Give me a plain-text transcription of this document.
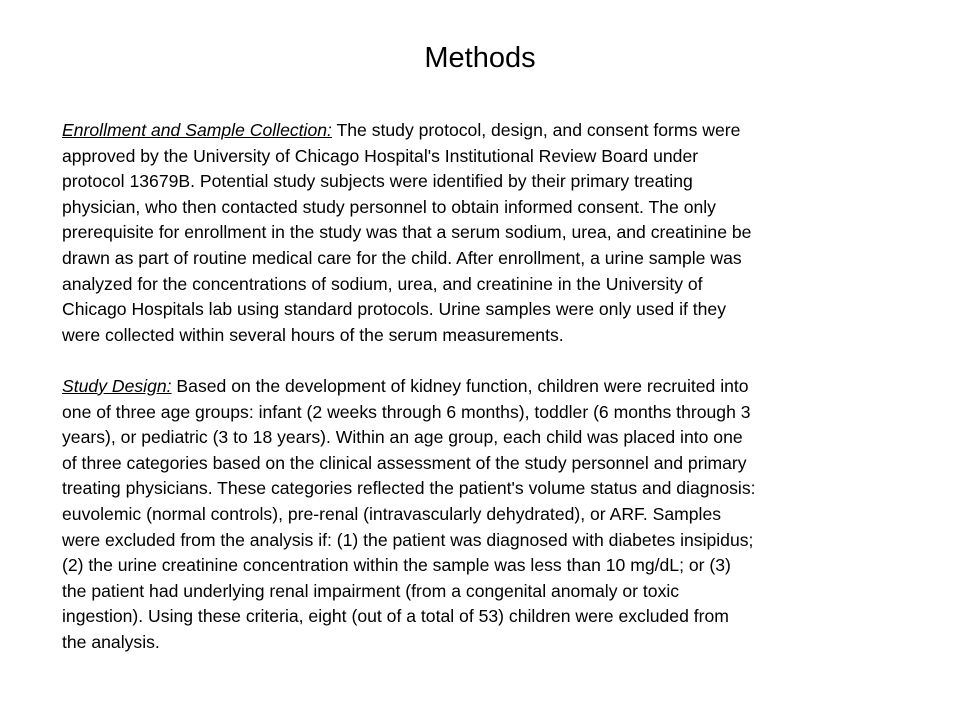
Methods

Enrollment and Sample Collection: The study protocol, design, and consent forms were
approved by the University of Chicago Hospital's Institutional Review Board under
protocol 13679B. Potential study subjects were identified by their primary treating
physician, who then contacted study personnel to obtain informed consent. The only
prerequisite for enrollment in the study was that a serum sodium, urea, and creatinine be
drawn as part of routine medical care for the child. After enrollment, a urine sample was
analyzed for the concentrations of sodium, urea, and creatinine in the University of
Chicago Hospitals lab using standard protocols. Urine samples were only used if they
were collected within several hours of the serum measurements.

Study Design: Based on the development of kidney function, children were recruited into
one of three age groups: infant (2 weeks through 6 months), toddler (6 months through 3
years), or pediatric (3 to 18 years). Within an age group, each child was placed into one
of three categories based on the clinical assessment of the study personnel and primary
treating physicians. These categories reflected the patient's volume status and diagnosis:
euvolemic (normal controls), pre-renal (intravascularly dehydrated), or ARF. Samples
were excluded from the analysis if: (1) the patient was diagnosed with diabetes insipidus;
(2) the urine creatinine concentration within the sample was less than 10 mg/dL; or (3)
the patient had underlying renal impairment (from a congenital anomaly or toxic
ingestion). Using these criteria, eight (out of a total of 53) children were excluded from
the analysis.
